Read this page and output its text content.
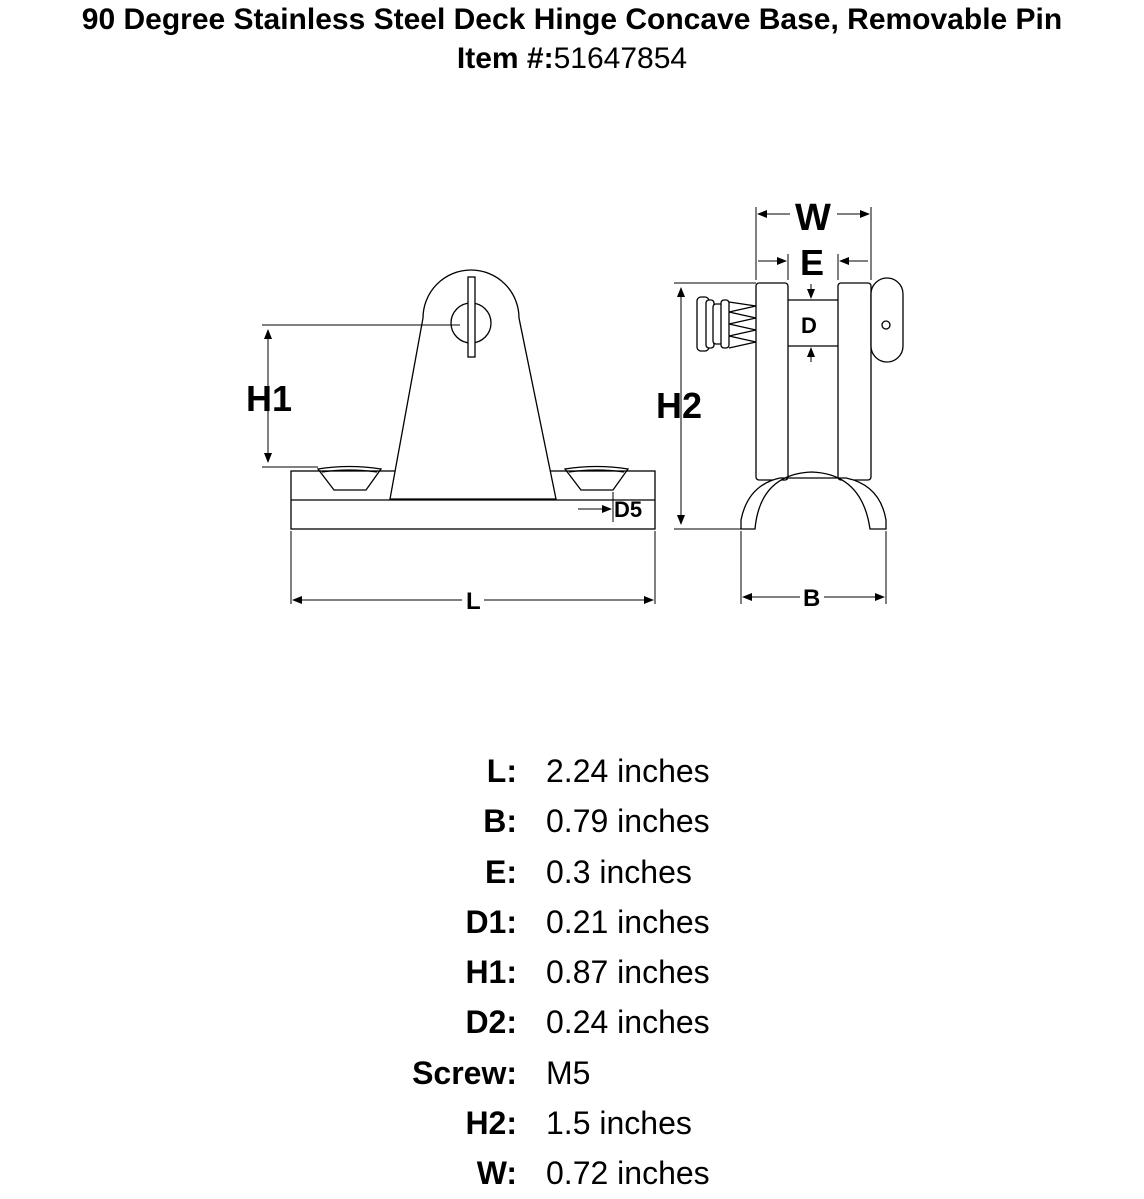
90 Degree Stainless Steel Deck Hinge Concave Base, Removable Pin
Item #:51647854
H1
L
D5
W
E
D
H2
B
L: 2.24 inches
B: 0.79 inches
E: 0.3 inches
D1: 0.21 inches
H1: 0.87 inches
D2: 0.24 inches
Screw: M5
H2: 1.5 inches
W: 0.72 inches
